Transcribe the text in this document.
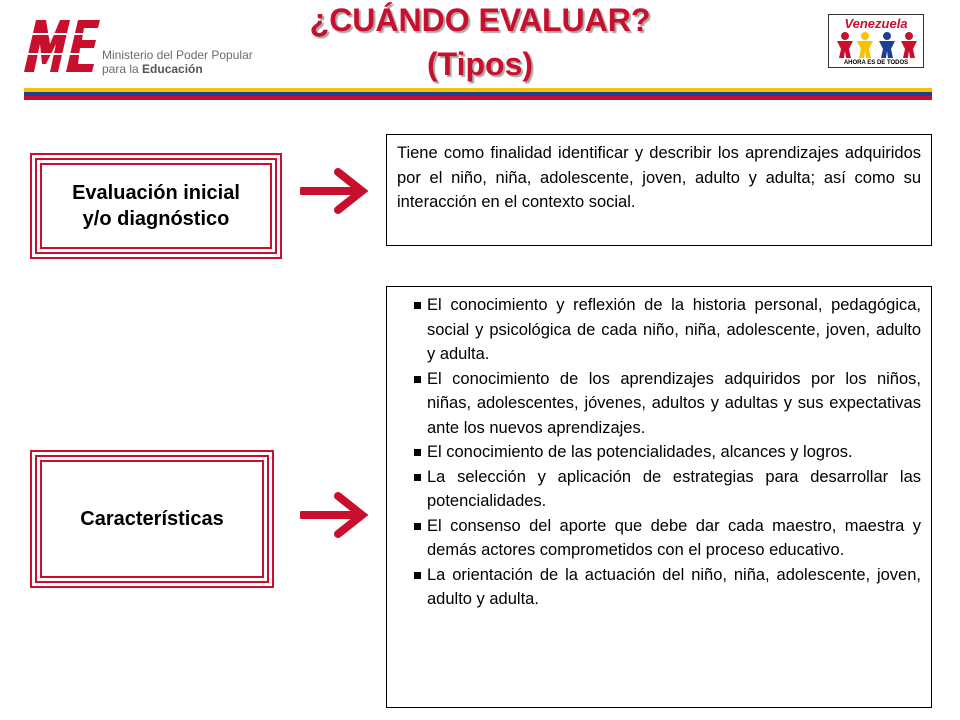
Ministerio del Poder Popular
para la Educación
¿CUÁNDO EVALUAR?
(Tipos)
Venezuela
AHORA ES DE TODOS
Evaluación inicial
y/o diagnóstico
Tiene como finalidad identificar y describir los aprendizajes adquiridos por el niño, niña, adolescente, joven, adulto y adulta; así como su interacción en el contexto social.
Características
El conocimiento y reflexión de la historia personal, pedagógica, social y psicológica de cada niño, niña, adolescente, joven, adulto y adulta.
El conocimiento de los aprendizajes adquiridos por los niños, niñas, adolescentes, jóvenes, adultos y adultas y sus expectativas ante los nuevos aprendizajes.
El conocimiento de las potencialidades, alcances y logros.
La selección y aplicación de estrategias para desarrollar las potencialidades.
El consenso del aporte que debe dar cada maestro, maestra y demás actores comprometidos con el proceso educativo.
La orientación de la actuación del niño, niña, adolescente, joven, adulto y adulta.
